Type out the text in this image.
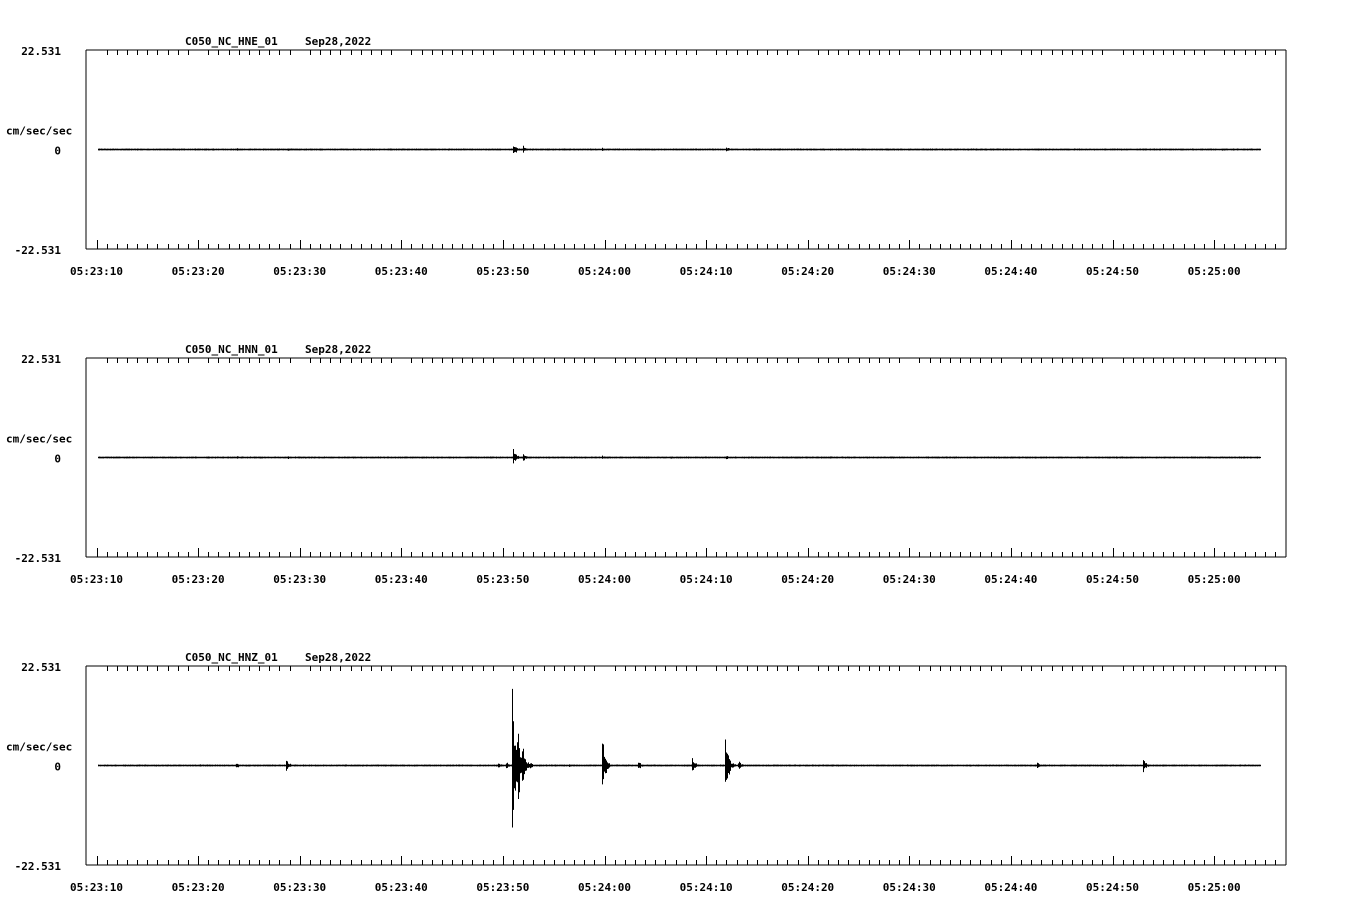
05:23:10	05:23:20	05:23:30	05:23:40	05:23:50	05:24:00	05:24:10	05:24:20	05:24:30	05:24:40	05:24:50	05:25:00
22.531
0
-22.531
cm/sec/sec
C050_NC_HNE_01 Sep28,2022
05:23:10	05:23:20	05:23:30	05:23:40	05:23:50	05:24:00	05:24:10	05:24:20	05:24:30	05:24:40	05:24:50	05:25:00
22.531
0
-22.531
cm/sec/sec
C050_NC_HNN_01 Sep28,2022
05:23:10	05:23:20	05:23:30	05:23:40	05:23:50	05:24:00	05:24:10	05:24:20	05:24:30	05:24:40	05:24:50	05:25:00
22.531
0
-22.531
cm/sec/sec
C050_NC_HNZ_01 Sep28,2022
